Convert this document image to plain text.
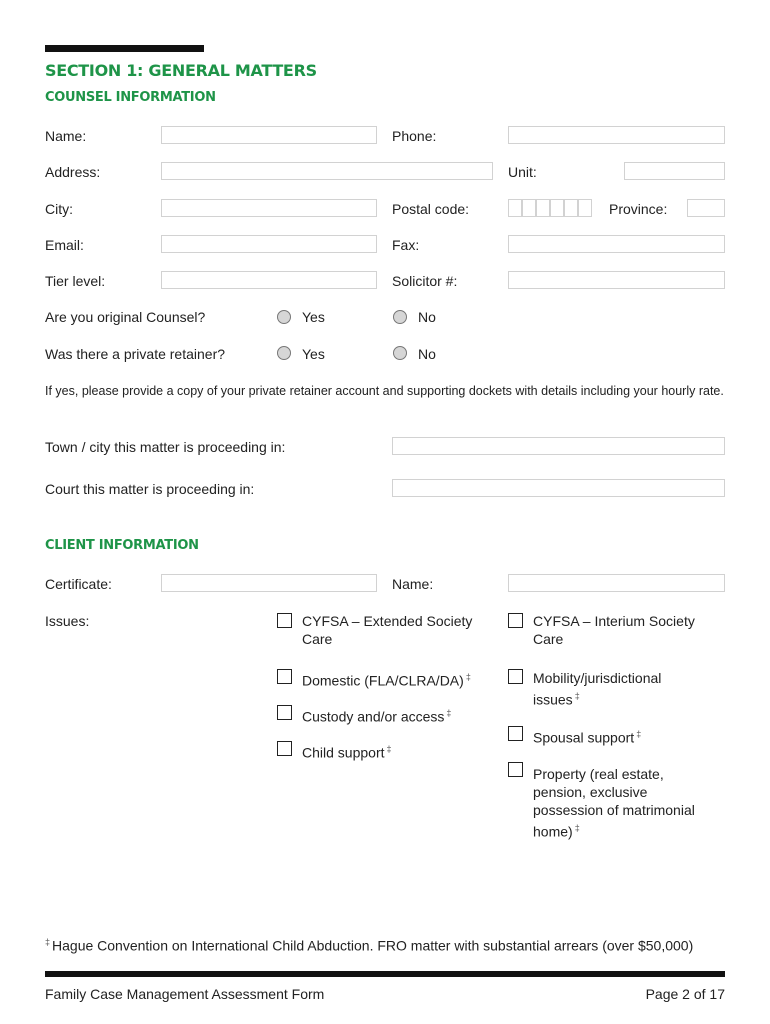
SECTION 1: GENERAL MATTERS
COUNSEL INFORMATION
Name:	Phone:
Address:	Unit:
City:	Postal code:	Province:
Email:	Fax:
Tier level:	Solicitor #:
Are you original Counsel?	Yes	No
Was there a private retainer?	Yes	No
If yes, please provide a copy of your private retainer account and supporting dockets with details including your hourly rate.
Town / city this matter is proceeding in:
Court this matter is proceeding in:
CLIENT INFORMATION
Certificate:	Name:
Issues:	CYFSA – Extended Society Care
Domestic (FLA/CLRA/DA) ‡
Custody and/or access ‡
Child support ‡
CYFSA – Interium Society Care
Mobility/jurisdictional issues ‡
Spousal support ‡
Property (real estate, pension, exclusive possession of matrimonial home) ‡
‡ Hague Convention on International Child Abduction. FRO matter with substantial arrears (over $50,000)
Family Case Management Assessment Form	Page 2 of 17
